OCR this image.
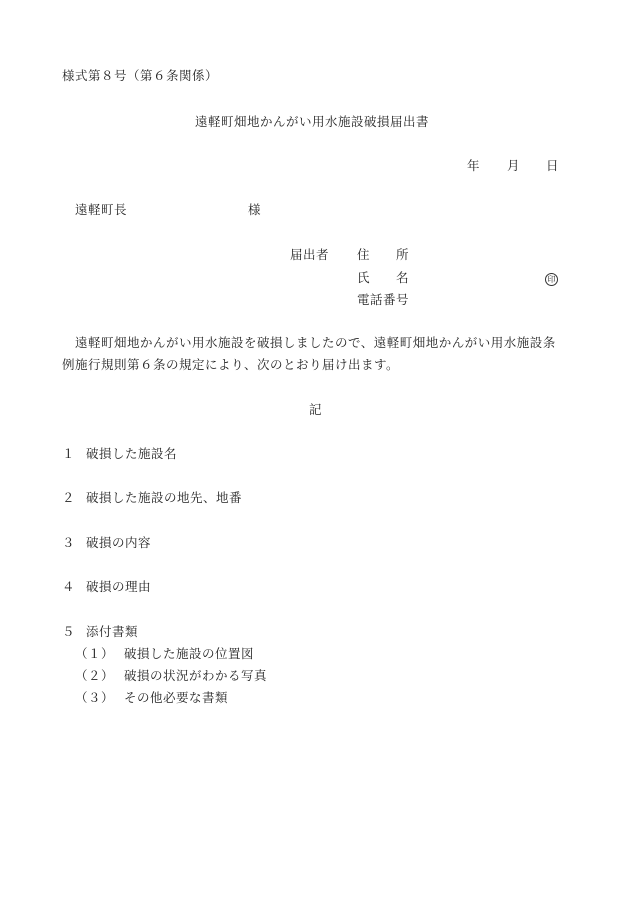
様式第８号（第６条関係）
遠軽町畑地かんがい用水施設破損届出書
年 月 日
遠軽町長	様
届出者 住　　所
氏　　名	印
電話番号

　遠軽町畑地かんがい用水施設を破損しましたので、遠軽町畑地かんがい用水施設条

例施行規則第６条の規定により、次のとおり届け出ます。

記
１ 破損した施設名
２ 破損した施設の地先、地番
３ 破損の内容
４ 破損の理由
５ 添付書類
（１） 破損した施設の位置図
（２） 破損の状況がわかる写真
（３） その他必要な書類
